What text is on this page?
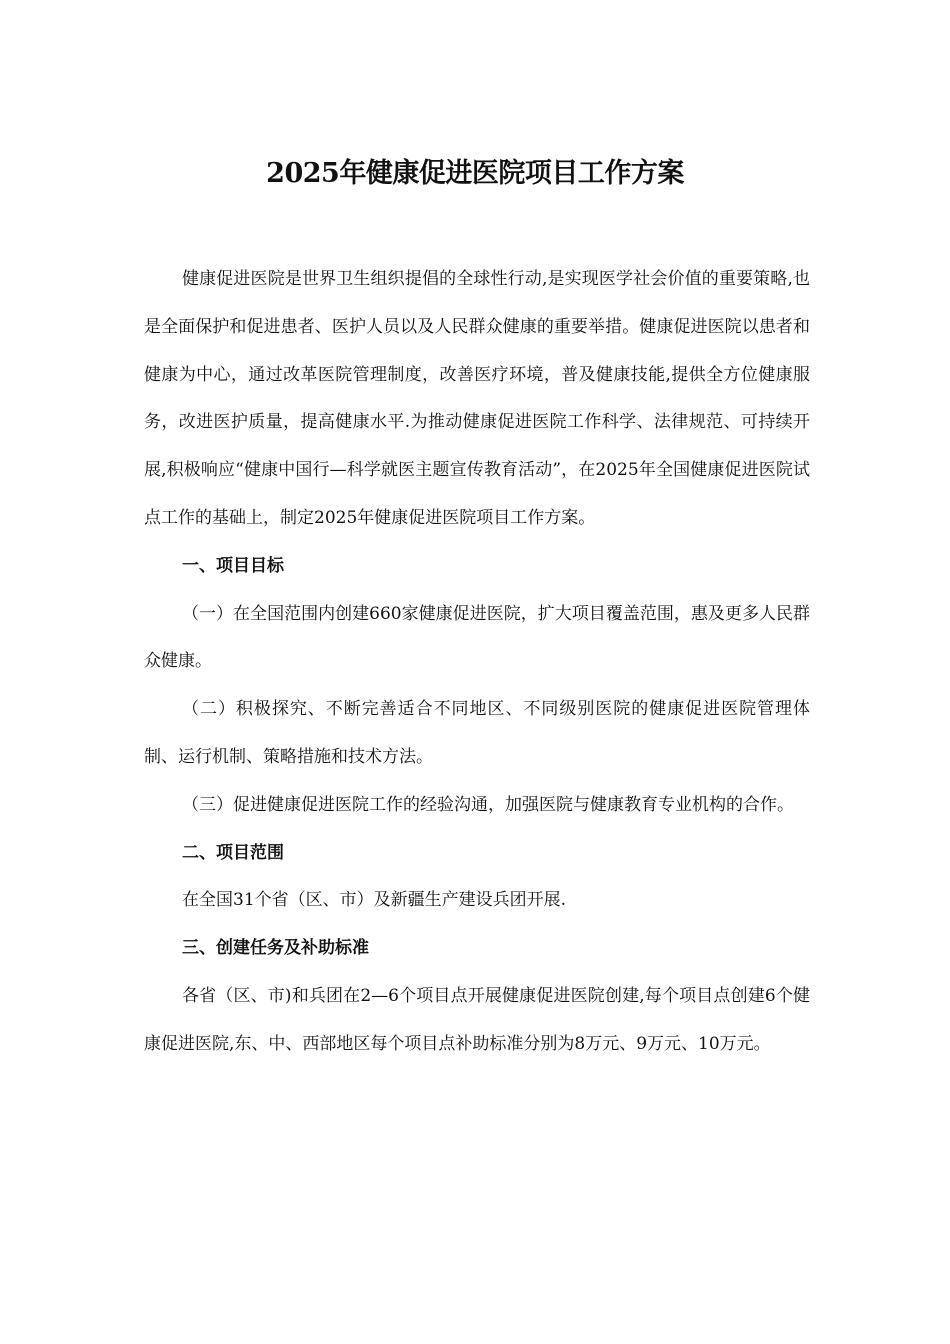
2025年健康促进医院项目工作方案

健康促进医院是世界卫生组织提倡的全球性行动,是实现医学社会价值的重要策略,也是全面保护和促进患者、医护人员以及人民群众健康的重要举措。健康促进医院以患者和健康为中心，通过改革医院管理制度，改善医疗环境，普及健康技能,提供全方位健康服务，改进医护质量，提高健康水平.为推动健康促进医院工作科学、法律规范、可持续开展,积极响应“健康中国行—科学就医主题宣传教育活动”，在2025年全国健康促进医院试点工作的基础上，制定2025年健康促进医院项目工作方案。

一、项目目标

（一）在全国范围内创建660家健康促进医院，扩大项目覆盖范围，惠及更多人民群众健康。

（二）积极探究、不断完善适合不同地区、不同级别医院的健康促进医院管理体制、运行机制、策略措施和技术方法。

（三）促进健康促进医院工作的经验沟通，加强医院与健康教育专业机构的合作。

二、项目范围

在全国31个省（区、市）及新疆生产建设兵团开展.

三、创建任务及补助标准

各省（区、市)和兵团在2—6个项目点开展健康促进医院创建,每个项目点创建6个健康促进医院,东、中、西部地区每个项目点补助标准分别为8万元、9万元、10万元。
